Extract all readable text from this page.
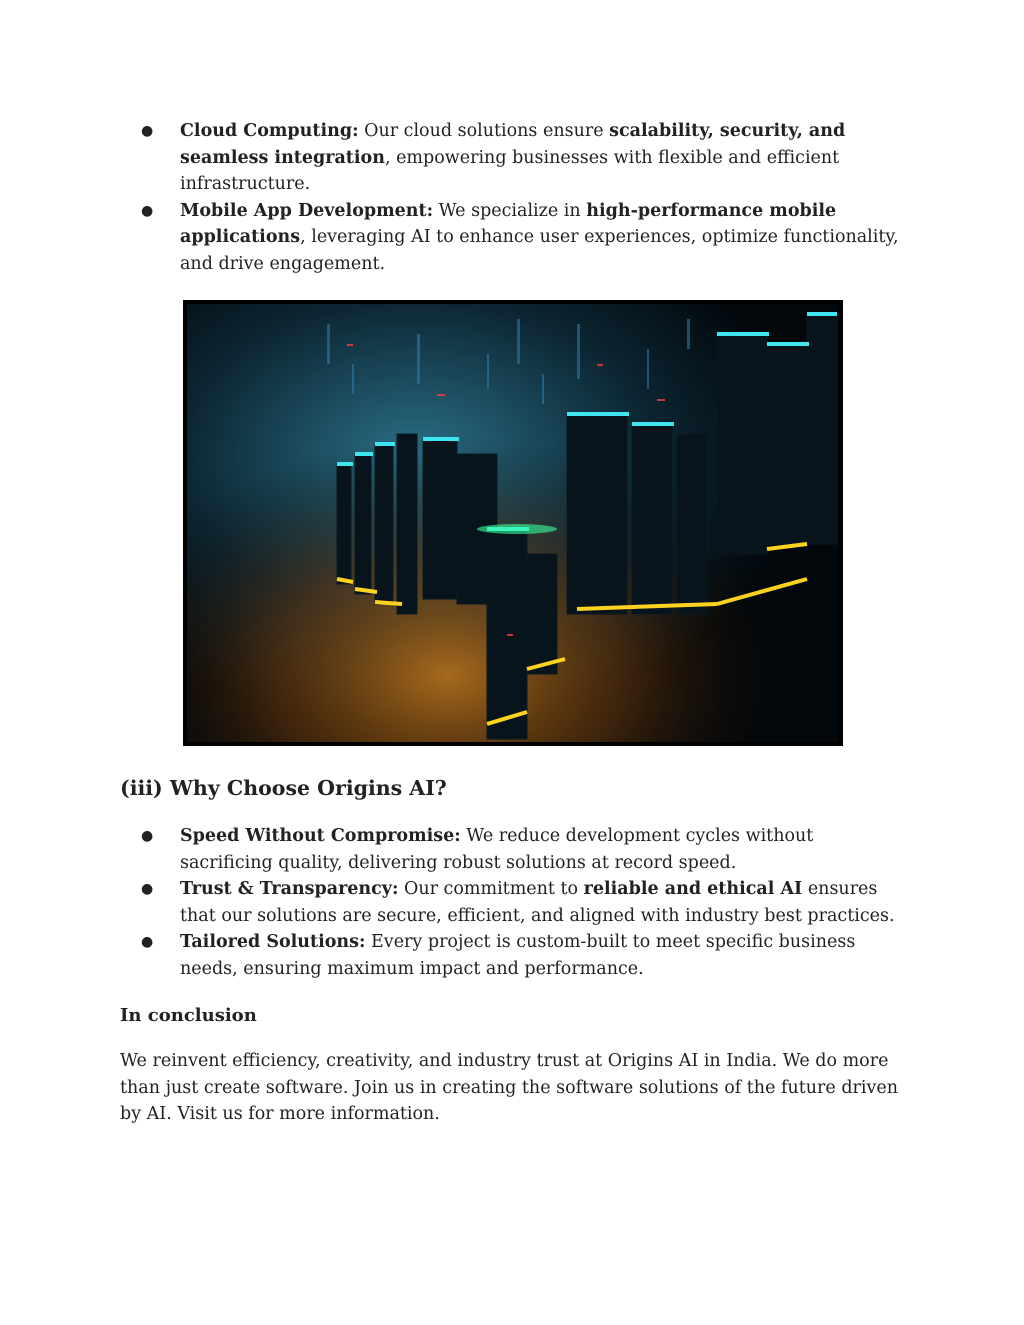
● Cloud Computing: Our cloud solutions ensure scalability, security, and seamless integration, empowering businesses with flexible and efficient infrastructure.
● Mobile App Development: We specialize in high-performance mobile applications, leveraging AI to enhance user experiences, optimize functionality, and drive engagement.
(iii) Why Choose Origins AI?
● Speed Without Compromise: We reduce development cycles without sacrificing quality, delivering robust solutions at record speed.
● Trust & Transparency: Our commitment to reliable and ethical AI ensures that our solutions are secure, efficient, and aligned with industry best practices.
● Tailored Solutions: Every project is custom-built to meet specific business needs, ensuring maximum impact and performance.
In conclusion

We reinvent efficiency, creativity, and industry trust at Origins AI in India. We do more than just create software. Join us in creating the software solutions of the future driven by AI. Visit us for more information.
